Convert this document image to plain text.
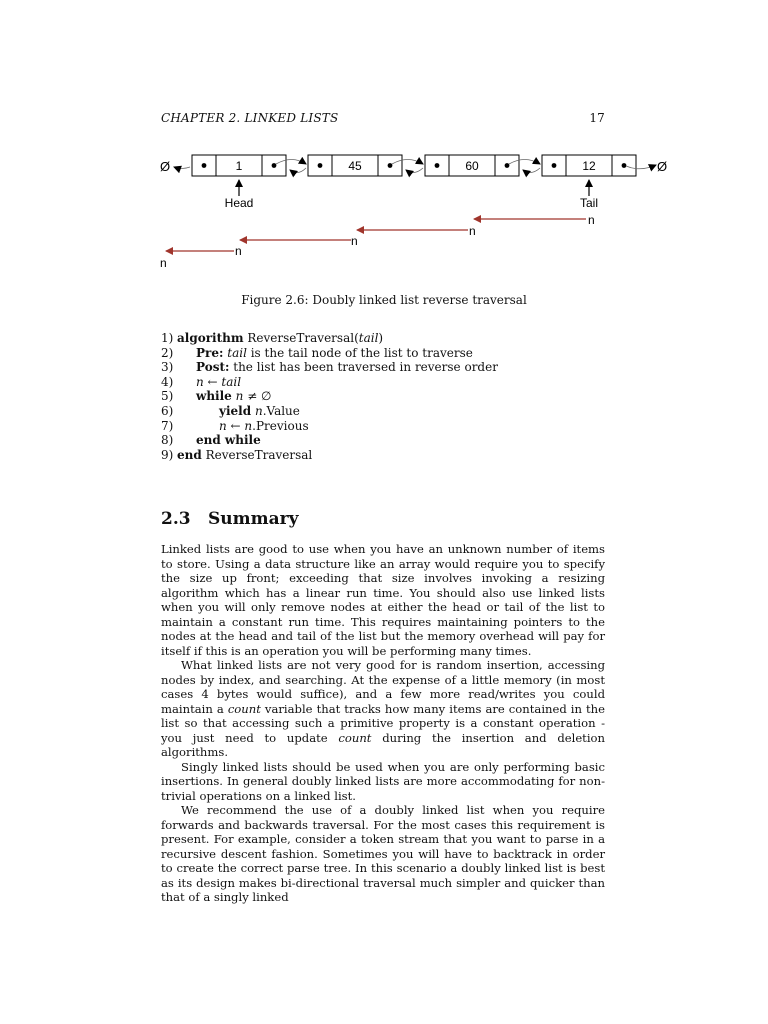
CHAPTER 2. LINKED LISTS	17
Ø	1	45	60	12	Ø
Head	Tail
n
n
n
n
n
Figure 2.6: Doubly linked list reverse traversal
1) algorithm ReverseTraversal(tail)
2) Pre: tail is the tail node of the list to traverse
3) Post: the list has been traversed in reverse order
4) n ← tail
5) while n ≠ ∅
6)	yield n.Value
7)	n ← n.Previous
8) end while
9) end ReverseTraversal
2.3 Summary

Linked lists are good to use when you have an unknown number of items to store. Using a data structure like an array would require you to specify the size up front; exceeding that size involves invoking a resizing algorithm which has a linear run time. You should also use linked lists when you will only remove nodes at either the head or tail of the list to maintain a constant run time. This requires maintaining pointers to the nodes at the head and tail of the list but the memory overhead will pay for itself if this is an operation you will be performing many times.

What linked lists are not very good for is random insertion, accessing nodes by index, and searching. At the expense of a little memory (in most cases 4 bytes would suffice), and a few more read/writes you could maintain a count variable that tracks how many items are contained in the list so that accessing such a primitive property is a constant operation - you just need to update count during the insertion and deletion algorithms.

Singly linked lists should be used when you are only performing basic insertions. In general doubly linked lists are more accommodating for non-trivial operations on a linked list.

We recommend the use of a doubly linked list when you require forwards and backwards traversal. For the most cases this requirement is present. For example, consider a token stream that you want to parse in a recursive descent fashion. Sometimes you will have to backtrack in order to create the correct parse tree. In this scenario a doubly linked list is best as its design makes bi-directional traversal much simpler and quicker than that of a singly linked
